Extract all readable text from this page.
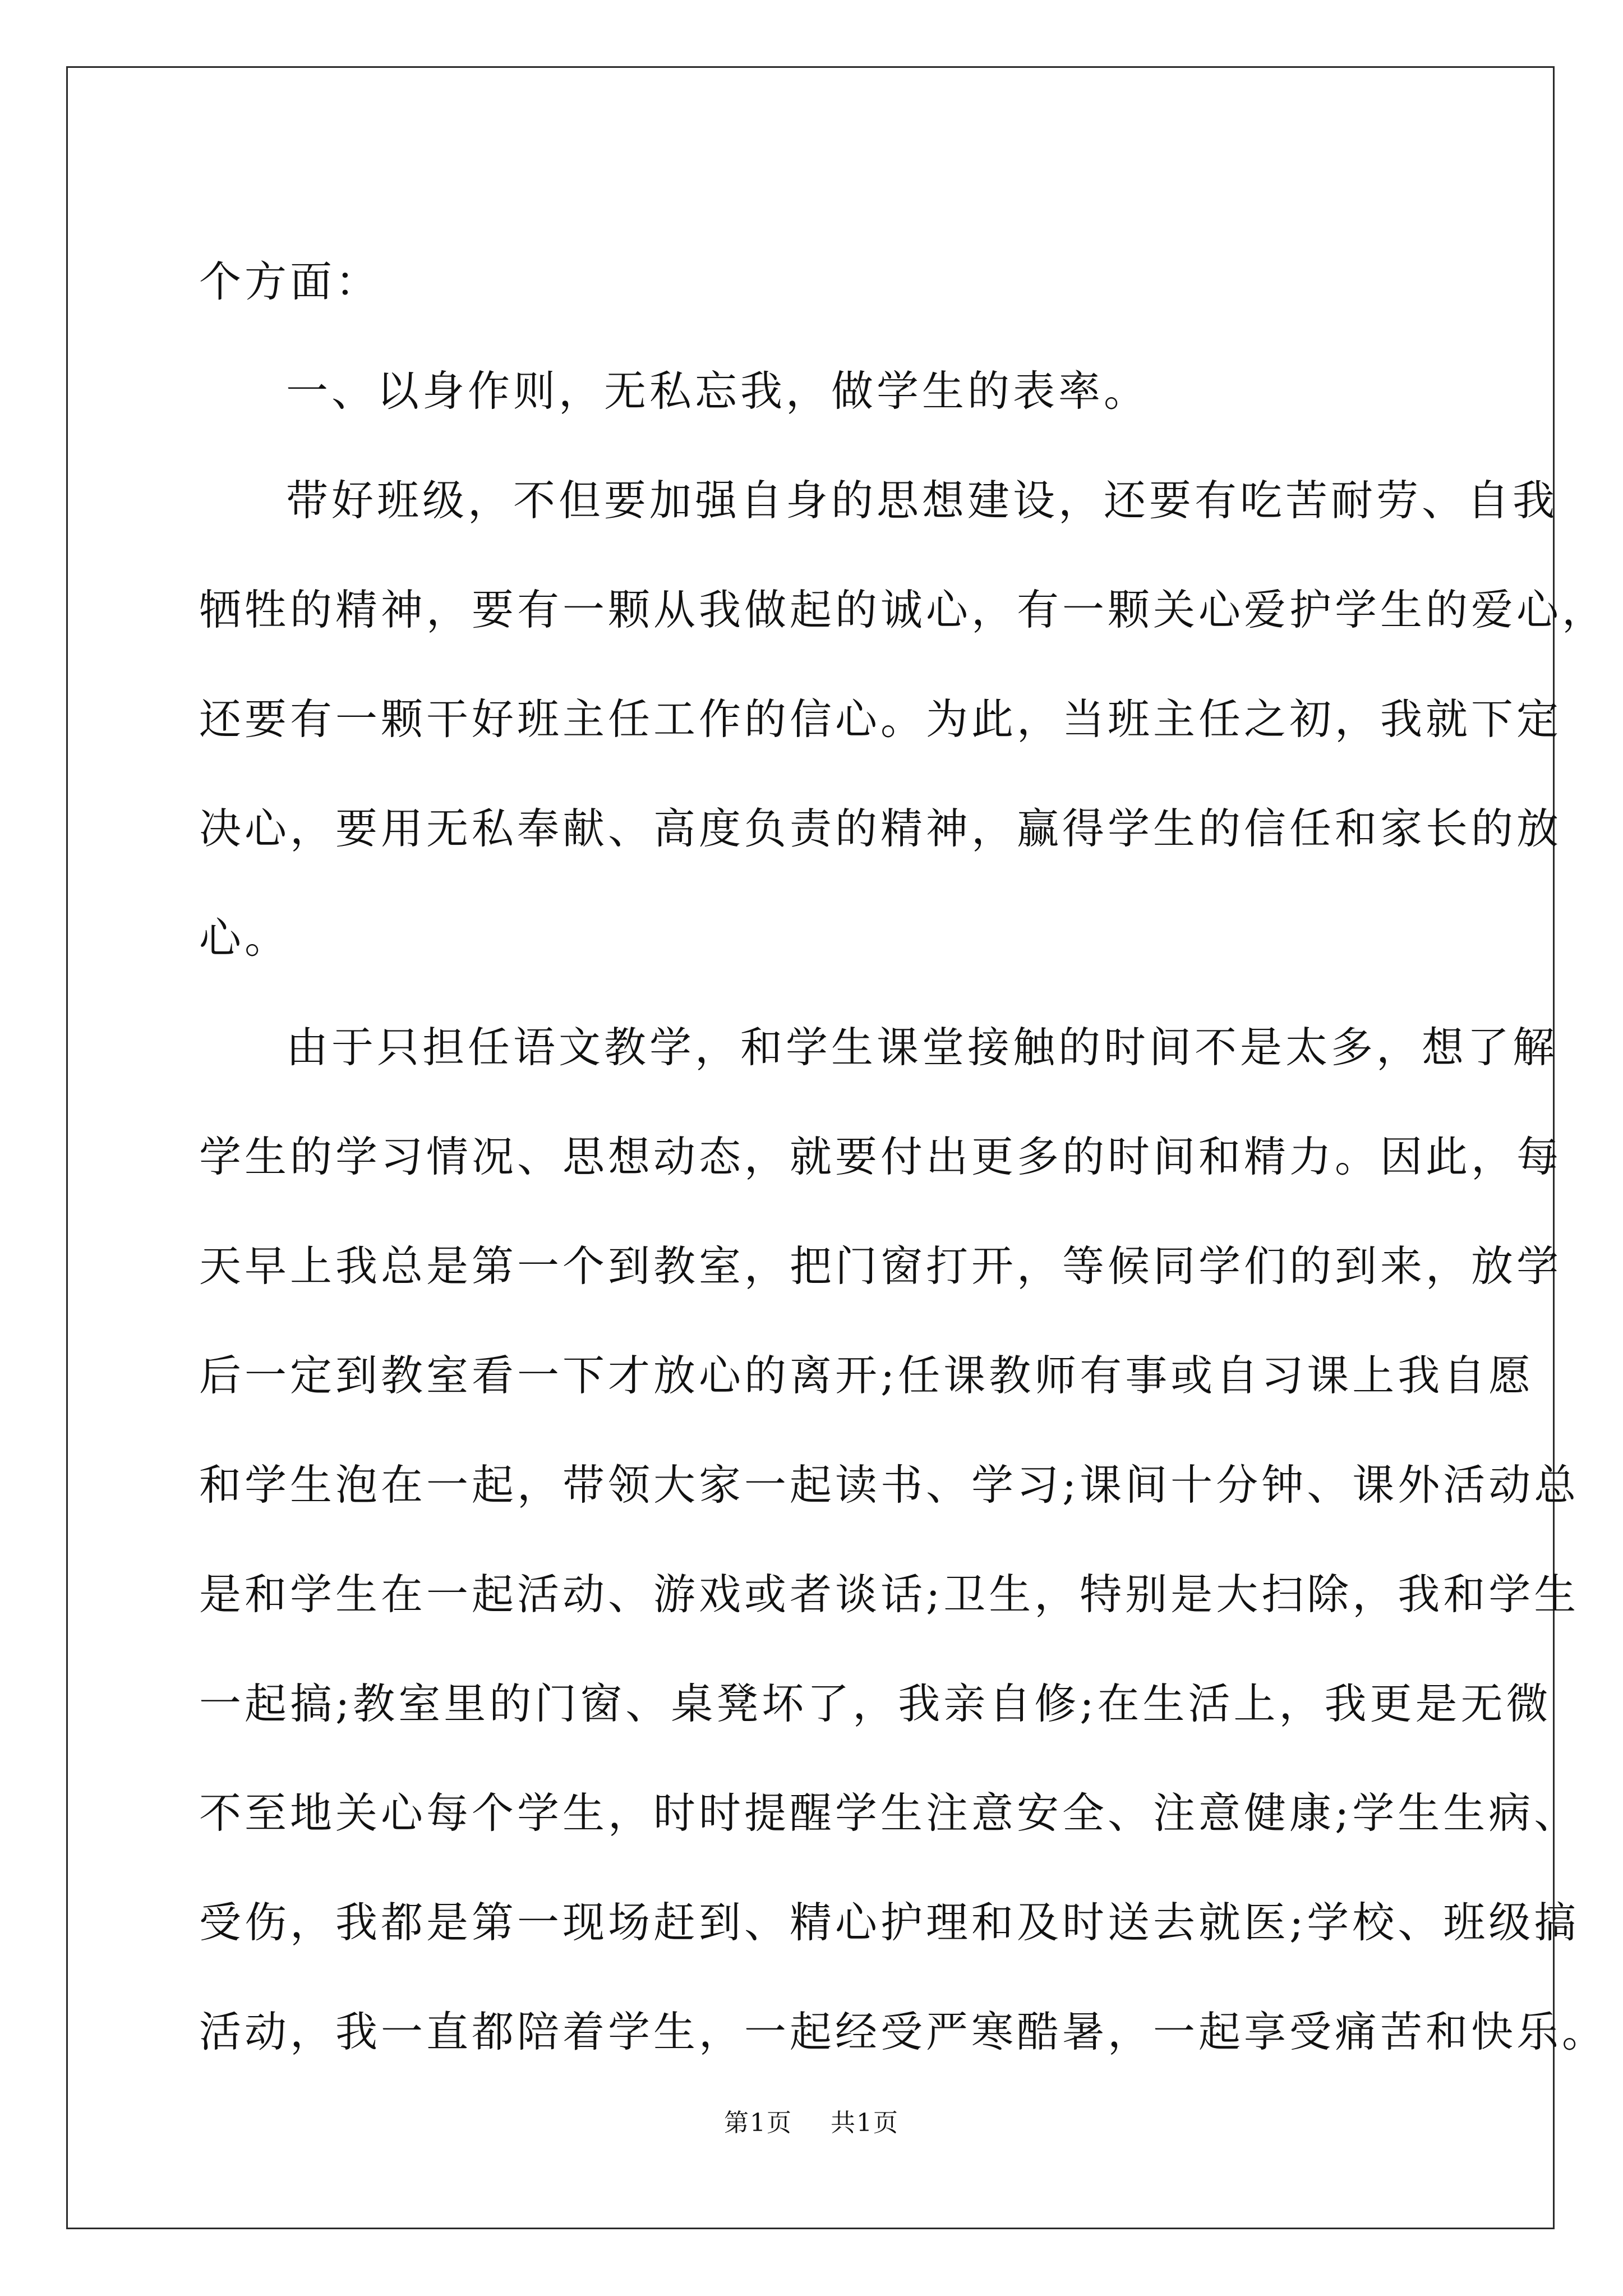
个方面：

一、以身作则，无私忘我，做学生的表率。

带好班级，不但要加强自身的思想建设，还要有吃苦耐劳、自我
牺牲的精神，要有一颗从我做起的诚心，有一颗关心爱护学生的爱心，
还要有一颗干好班主任工作的信心。为此，当班主任之初，我就下定
决心，要用无私奉献、高度负责的精神，赢得学生的信任和家长的放
心。

由于只担任语文教学，和学生课堂接触的时间不是太多，想了解
学生的学习情况、思想动态，就要付出更多的时间和精力。因此，每
天早上我总是第一个到教室，把门窗打开，等候同学们的到来，放学
后一定到教室看一下才放心的离开;任课教师有事或自习课上我自愿
和学生泡在一起，带领大家一起读书、学习;课间十分钟、课外活动总
是和学生在一起活动、游戏或者谈话;卫生，特别是大扫除，我和学生
一起搞;教室里的门窗、桌凳坏了，我亲自修;在生活上，我更是无微
不至地关心每个学生，时时提醒学生注意安全、注意健康;学生生病、
受伤，我都是第一现场赶到、精心护理和及时送去就医;学校、班级搞
活动，我一直都陪着学生，一起经受严寒酷暑，一起享受痛苦和快乐。

第1页 共1页
